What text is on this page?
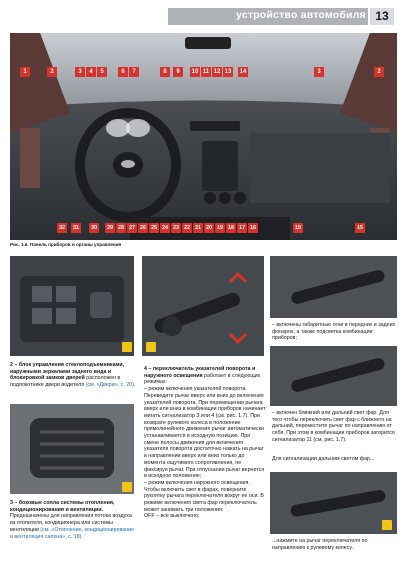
устройство автомобиля 13
1	2	3	4	5	6	7	8	9	10 11 12 13 14	3	2
32	31	30	29 28 27 26 25 24 23 22 21 20 19 18 17 16	15	15
Рис. 1.6. Панель приборов и органы управления
2 – блок управления стеклоподъемниками, наружными зеркалами заднего вида и блокировкой замков дверей расположен в подлокотнике двери водителя (см. «Двери», с. 20).
3 – боковые сопла системы отопления, кондиционирования и вентиляции. Предназначены для направления потока воздуха из отопителя, кондиционера или системы вентиляции (см. «Отопление, кондиционирование и вентиляция салона», с. 18).
4 – переключатель указателей поворота и наружного освещения работает в следующих режимах:
– режим включения указателей поворота. Переведите рычаг вверх или вниз до включения указателей поворота. При перемещении рычага вверх или вниз в комбинации приборов начинает мигать сигнализатор 3 или 4 (см. рис. 1.7). При возврате рулевого колеса в положение прямолинейного движения рычаг автоматически устанавливается в исходную позицию. При смене полосы движения для включения указателя поворота достаточно нажать на рычаг в направлении вверх или вниз только до момента ощутимого сопротивления, не фиксируя рычаг. При отпускании рычаг вернется в исходное положение;
– режим включения наружного освещения. Чтобы включить свет в фарах, поверните рукоятку рычага переключателя вокруг ее оси. В режиме включения света фар переключатель может занимать три положения:
OFF – все выключено;
– включены габаритные огни в передних и задних фонарях, а также подсветка комбинации приборов;
– включен ближний или дальний свет фар. Для того чтобы переключить свет фар с ближнего на дальний, переместите рычаг по направлению от себя. При этом в комбинации приборов загорится сигнализатор 11 (см. рис. 1.7).
Для сигнализации дальним светом фар...
...нажмите на рычаг переключателя по направлению к рулевому колесу.
